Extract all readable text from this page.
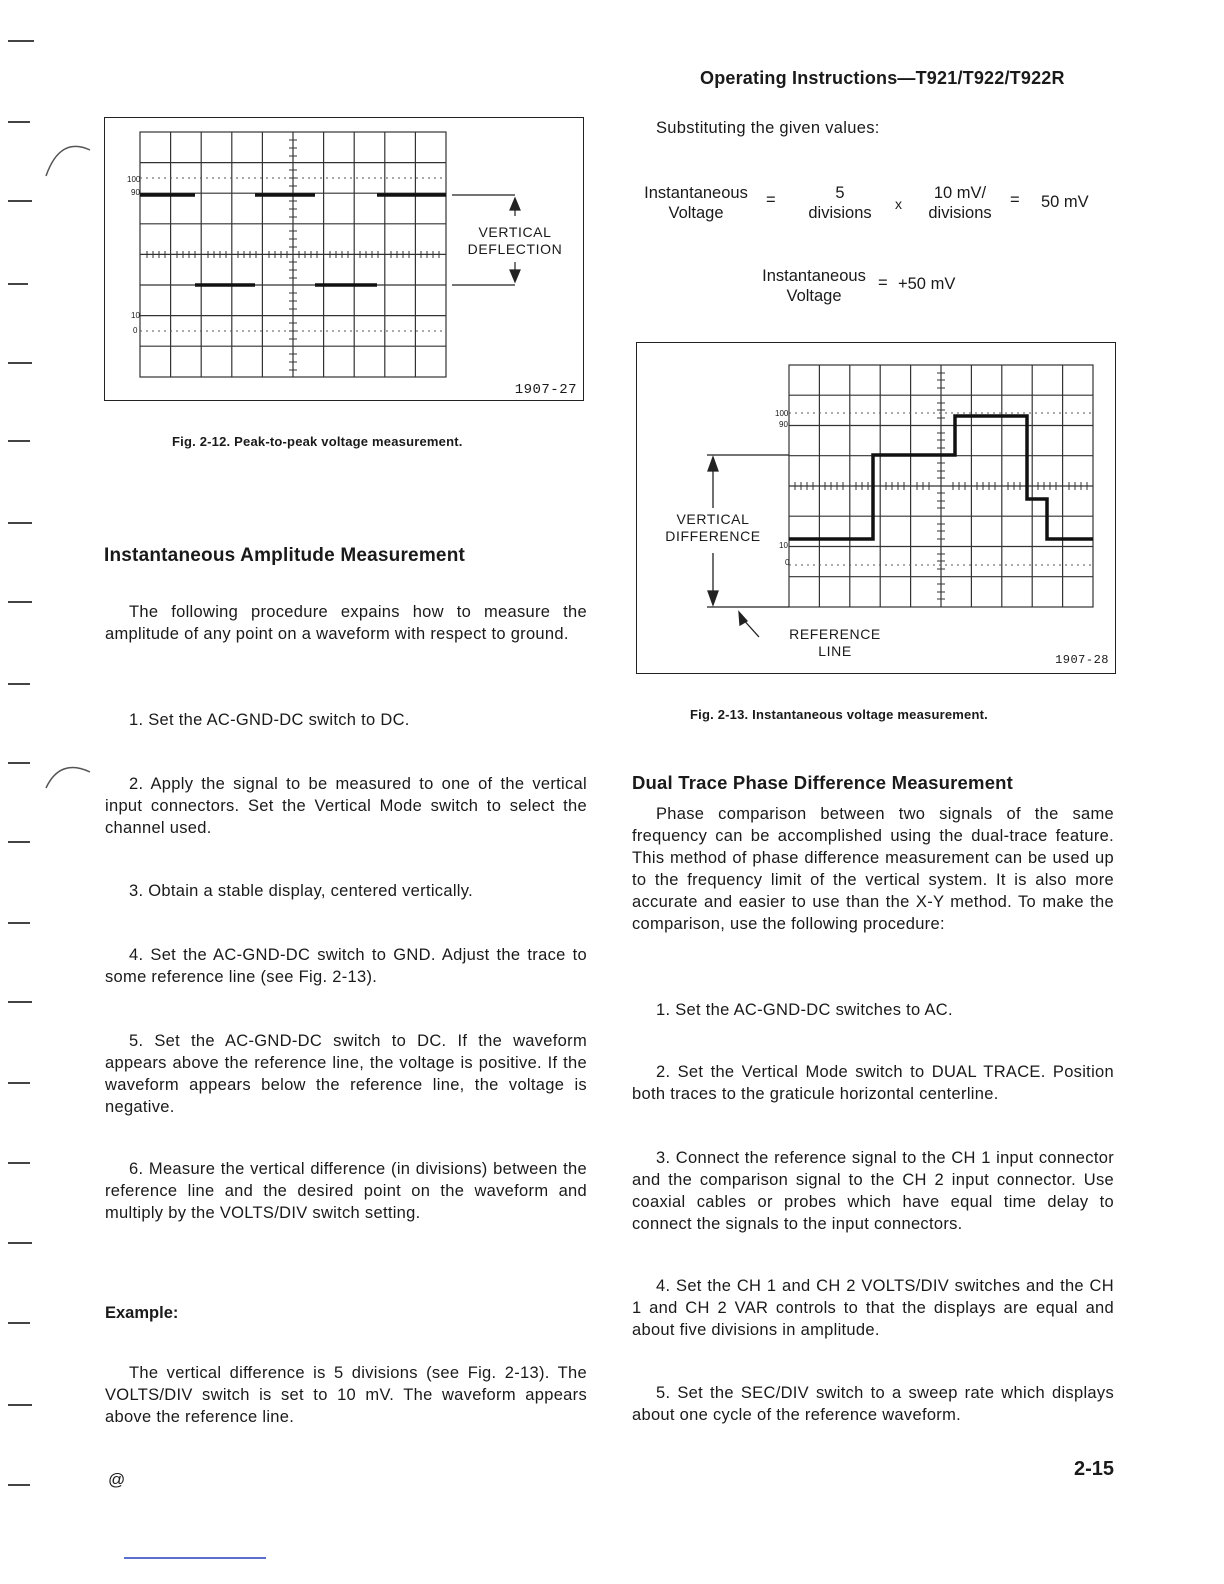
Operating Instructions—T921/T922/T922R
100
90
10
0
VERTICAL
DEFLECTION
1907-27
Fig. 2-12. Peak-to-peak voltage measurement.
Instantaneous Amplitude Measurement
The following procedure expains how to measure the amplitude of any point on a waveform with respect to ground.
1. Set the AC-GND-DC switch to DC.
2. Apply the signal to be measured to one of the vertical input connectors. Set the Vertical Mode switch to select the channel used.
3. Obtain a stable display, centered vertically.
4. Set the AC-GND-DC switch to GND. Adjust the trace to some reference line (see Fig. 2-13).
5. Set the AC-GND-DC switch to DC. If the waveform appears above the reference line, the voltage is positive. If the waveform appears below the reference line, the voltage is negative.
6. Measure the vertical difference (in divisions) between the reference line and the desired point on the waveform and multiply by the VOLTS/DIV switch setting.
Example:
The vertical difference is 5 divisions (see Fig. 2-13). The VOLTS/DIV switch is set to 10 mV. The waveform appears above the reference line.
Substituting the given values:
Instantaneous
Voltage
=	5
divisions	x
10 mV/
divisions
= 50 mV
Instantaneous
Voltage
= +50 mV
100
90
10
0
VERTICAL
DIFFERENCE
REFERENCE
LINE
1907-28
Fig. 2-13. Instantaneous voltage measurement.
Dual Trace Phase Difference Measurement
Phase comparison between two signals of the same frequency can be accomplished using the dual-trace feature. This method of phase difference measurement can be used up to the frequency limit of the vertical system. It is also more accurate and easier to use than the X-Y method. To make the comparison, use the following procedure:
1. Set the AC-GND-DC switches to AC.
2. Set the Vertical Mode switch to DUAL TRACE. Position both traces to the graticule horizontal centerline.
3. Connect the reference signal to the CH 1 input connector and the comparison signal to the CH 2 input connector. Use coaxial cables or probes which have equal time delay to connect the signals to the input connectors.
4. Set the CH 1 and CH 2 VOLTS/DIV switches and the CH 1 and CH 2 VAR controls to that the displays are equal and about five divisions in amplitude.
5. Set the SEC/DIV switch to a sweep rate which displays about one cycle of the reference waveform.
@	2-15
